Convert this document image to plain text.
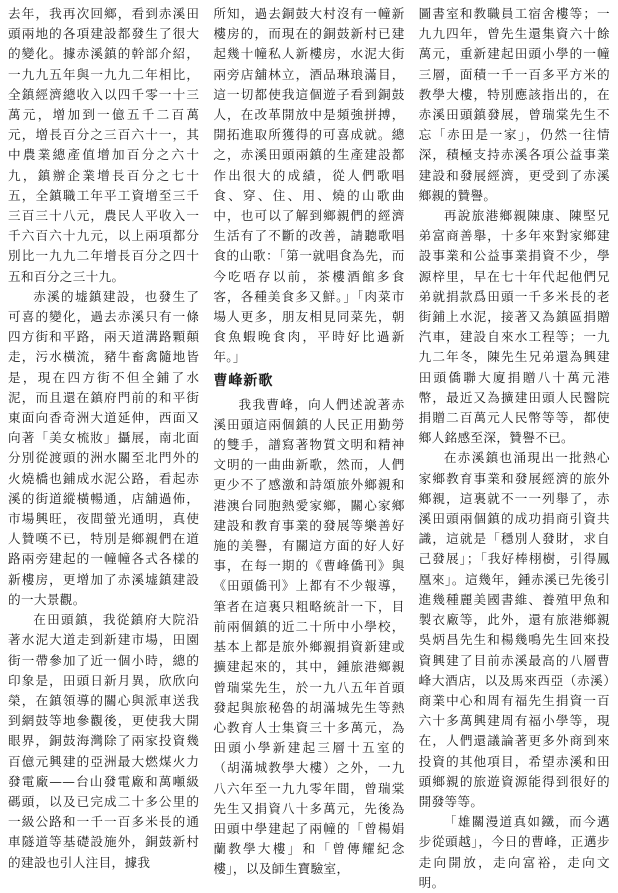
去年，我再次回鄉，看到赤溪田頭兩地的各項建設都發生了很大的變化。據赤溪鎮的幹部介紹，一九九五年與一九九二年相比，全鎮經濟總收入以四千零一十三萬元，增加到一億五千二百萬元，增長百分之三百六十一，其中農業總產值增加百分之六十九，鎮辦企業增長百分之七十五，全鎮職工年平工資增至三千三百三十八元，農民人平收入一千六百六十九元，以上兩項都分別比一九九二年增長百分之四十五和百分之三十九。

赤溪的墟鎮建設，也發生了可喜的變化，過去赤溪只有一條四方街和平路，兩天道溝路顆顛走，污水橫流，豬牛畜禽隨地皆是，現在四方街不但全鋪了水泥，而且還在鎮府門前的和平街東面向香奇洲大道延伸，西面又向著「美女梳妝」攝展，南北面分別從渡頭的洲水關至北門外的火燒橋也鋪成水泥公路，看起赤溪的街道縱橫暢通，店舖過佈，市場興旺，夜間螢光通明，真使人贊嘆不已，特別是鄉親們在道路兩旁建起的一幢幢各式各樣的新樓房，更增加了赤溪墟鎮建設的一大景觀。

在田頭鎮，我從鎮府大院沿著水泥大道走到新建市場，田園街一帶參加了近一個小時，總的印象是，田頭日新月異，欣欣向榮，在鎮領導的關心與派車送我到網鼓等地參觀後，更使我大開眼界，銅鼓海灣除了兩家投資幾百億元興建的亞洲最大燃煤火力發電廠——台山發電廠和萬噸級碼頭，以及已完成二十多公里的一級公路和一千一百多米長的通車隧道等基礎設施外，銅鼓新村的建設也引人注目，據我

所知，過去銅鼓大村沒有一幢新樓房的，而現在的銅鼓新村已建起幾十幢私人新樓房，水泥大街兩旁店舖林立，酒品琳琅滿目，這一切都使我這個遊子看到銅鼓人，在改革開放中是頻強拼搏，開拓進取所獲得的可喜成就。總之，赤溪田頭兩鎮的生產建設都作出很大的成績，從人們歌唱食、穿、住、用、燒的山歌曲中，也可以了解到鄉親們的經濟生活有了不斷的改善，請聽歌唱食的山歌：「第一就唱食為先，而今吃唔存以前，茶樓酒館多食客，各種美食多又鮮。」「肉菜市場人更多，朋友相見同菜先，朝食魚蝦晚食肉，平時好比過新年。」

曹峰新歌

我我曹峰，向人們述說著赤溪田頭這兩個鎮的人民正用勤勞的雙手，譜寫著物質文明和精神文明的一曲曲新歌，然而，人們更少不了感激和詩頌旅外鄉親和港澳台同胞熱愛家鄉，關心家鄉建設和教育事業的發展等樂善好施的美譽，有關這方面的好人好事，在每一期的《曹峰僑刊》與《田頭僑刊》上都有不少報導，筆者在這裏只粗略統計一下，目前兩個鎮的近二十所中小學校，基本上都是旅外鄉親捐資新建或擴建起來的，其中，鍾旅港鄉親曾瑞棠先生，於一九八五年首頭發起與旅秘魯的胡滿城先生等熱心教育人士集資三十多萬元，為田頭小學新建起三層十五室的（胡滿城教學大樓）之外，一九八六年至一九九零年間，曾瑞棠先生又捐資八十多萬元，先後為田頭中學建起了兩幢的「曾楊娟蘭教學大樓」和「曾傳耀紀念樓」，以及師生寶驗室，

圖書室和教職員工宿舍樓等；一九九四年，曾先生還集資六十餘萬元，重新建起田頭小學的一幢三層，面積一千一百多平方米的教學大樓，特別應該指出的，在赤溪田頭鎮發展，曾瑞棠先生不忘「赤田是一家」，仍然一往情深，積極支持赤溪各項公益事業建設和發展經濟，更受到了赤溪鄉親的贊譽。

再說旅港鄉親陳康、陳堅兄弟富商善舉，十多年來對家鄉建設事業和公益事業捐資不少，學源梓里，早在七十年代起他們兄弟就捐款爲田頭一千多米長的老街鋪上水泥，接著又為鎮區捐贈汽車，建設自來水工程等；一九九二年冬，陳先生兄弟還為興建田頭僑聯大廈捐贈八十萬元港幣，最近又為擴建田頭人民醫院捐贈二百萬元人民幣等等，都使鄉人銘感至深，贊譽不已。

在赤溪鎮也涌現出一批熱心家鄉教育事業和發展經濟的旅外鄉親，這裏就不一一列舉了，赤溪田頭兩個鎮的成功捐商引資共識，這就是「穩別人發財，求自己發展」；「我好棒栩樹，引得鳳凰來」。這幾年，鍾赤溪已先後引進幾種麗美國書維、養殖甲魚和製衣廠等，此外，還有旅港鄉親吳炳昌先生和楊幾鳴先生回來投資興建了目前赤溪最高的八層曹峰大酒店，以及馬來西亞（赤溪）商業中心和周有福先生捐資一百六十多萬興建周有福小學等，現在，人們還議論著更多外商到來投資的其他項目，希望赤溪和田頭鄉親的旅遊資源能得到很好的開發等等。

「雄關漫道真如鐵，而今邁步從頭越」，今日的曹峰，正邁步走向開放，走向富裕，走向文明。
